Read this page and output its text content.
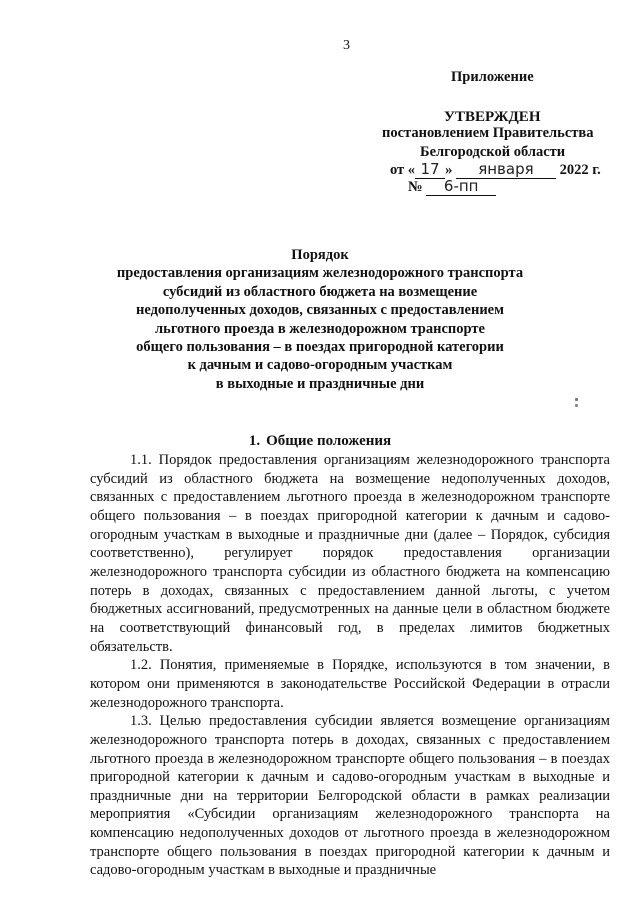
3
Приложение
УТВЕРЖДЕН
постановлением Правительства
Белгородской области
от « 17 » января 2022 г.
№ 6-пп
Порядок
предоставления организациям железнодорожного транспорта
субсидий из областного бюджета на возмещение
недополученных доходов, связанных с предоставлением
льготного проезда в железнодорожном транспорте
общего пользования – в поездах пригородной категории
к дачным и садово-огородным участкам
в выходные и праздничные дни
1. Общие положения

1.1. Порядок предоставления организациям железнодорожного транспорта субсидий из областного бюджета на возмещение недополученных доходов, связанных с предоставлением льготного проезда в железнодорожном транспорте общего пользования – в поездах пригородной категории к дачным и садово-огородным участкам в выходные и праздничные дни (далее – Порядок, субсидия соответственно), регулирует порядок предоставления организации железнодорожного транспорта субсидии из областного бюджета на компенсацию потерь в доходах, связанных с предоставлением данной льготы, с учетом бюджетных ассигнований, предусмотренных на данные цели в областном бюджете на соответствующий финансовый год, в пределах лимитов бюджетных обязательств.

1.2. Понятия, применяемые в Порядке, используются в том значении, в котором они применяются в законодательстве Российской Федерации в отрасли железнодорожного транспорта.

1.3. Целью предоставления субсидии является возмещение организациям железнодорожного транспорта потерь в доходах, связанных с предоставлением льготного проезда в железнодорожном транспорте общего пользования – в поездах пригородной категории к дачным и садово-огородным участкам в выходные и праздничные дни на территории Белгородской области в рамках реализации мероприятия «Субсидии организациям железнодорожного транспорта на компенсацию недополученных доходов от льготного проезда в железнодорожном транспорте общего пользования в поездах пригородной категории к дачным и садово-огородным участкам в выходные и праздничные
